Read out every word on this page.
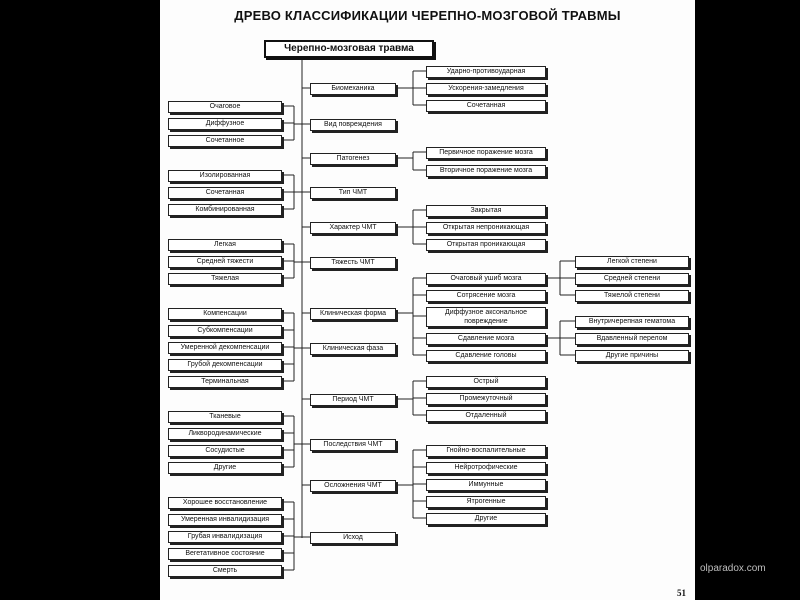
ДРЕВО КЛАССИФИКАЦИИ ЧЕРЕПНО-МОЗГОВОЙ ТРАВМЫ
Черепно-мозговая травма
Биомеханика
Вид повреждения
Патогенез
Тип ЧМТ
Характер ЧМТ
Тяжесть ЧМТ
Клиническая форма
Клиническая фаза
Период ЧМТ
Последствия ЧМТ
Осложнения ЧМТ
Исход
Очаговое
Диффузное
Сочетанное
Изолированная
Сочетанная
Комбинированная
Легкая
Средней тяжести
Тяжелая
Компенсации
Субкомпенсации
Умеренной декомпенсации
Грубой декомпенсации
Терминальная
Тканевые
Ликвородинамические
Сосудистые
Другие
Хорошее восстановление
Умеренная инвалидизация
Грубая инвалидизация
Вегетативное состояние
Смерть
Ударно-противоударная
Ускорения-замедления
Сочетанная
Первичное поражение мозга
Вторичное поражение мозга
Закрытая
Открытая непроникающая
Открытая проникающая
Очаговый ушиб мозга
Сотрясение мозга
Диффузное аксональное повреждение
Сдавление мозга
Сдавление головы
Острый
Промежуточный
Отдаленный
Гнойно-воспалительные
Нейротрофические
Иммунные
Ятрогенные
Другие
Легкой степени
Средней степени
Тяжелой степени
Внутричерепная гематома
Вдавленный перелом
Другие причины
51
olparadox.com
